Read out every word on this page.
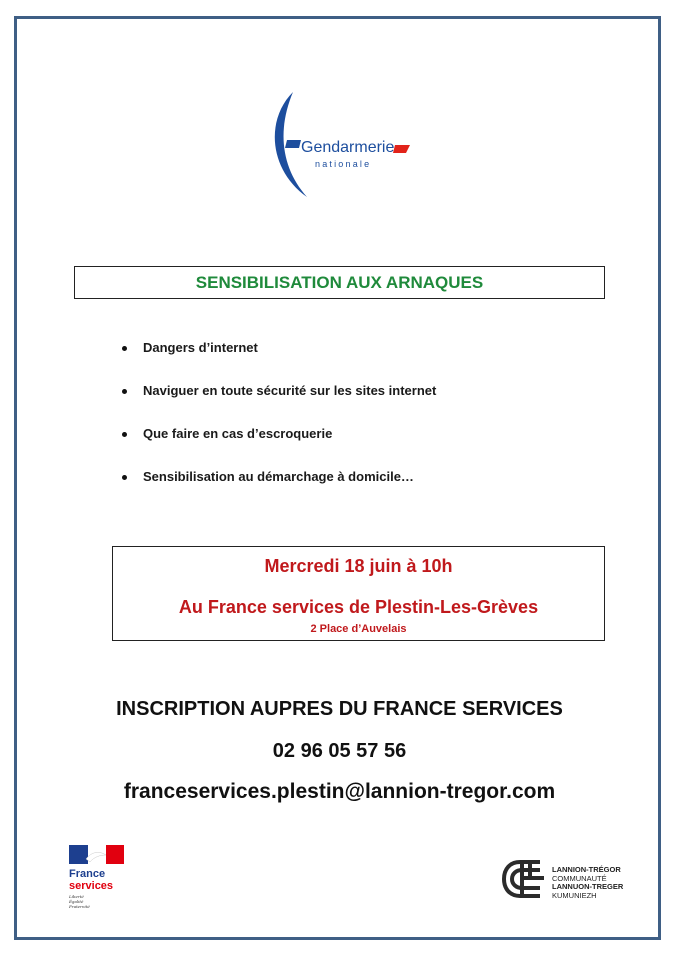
Gendarmerie
nationale
SENSIBILISATION AUX ARNAQUES
Dangers d’internet
Naviguer en toute sécurité sur les sites internet
Que faire en cas d’escroquerie
Sensibilisation au démarchage à domicile…
Mercredi 18 juin à 10h
Au France services de Plestin-Les-Grèves
2 Place d’Auvelais
INSCRIPTION AUPRES DU FRANCE SERVICES
02 96 05 57 56
franceservices.plestin@lannion-tregor.com
France
services
Liberté
Égalité
Fraternité
LANNION-TRÉGOR
COMMUNAUTÉ
LANNUON-TREGER
KUMUNIEZH
